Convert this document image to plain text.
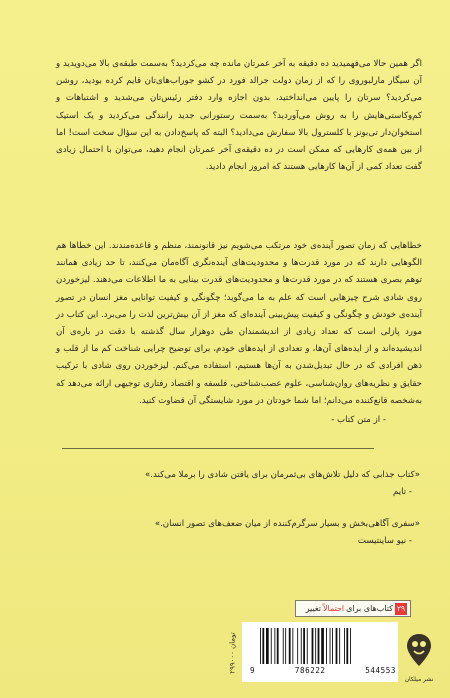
اگر همین حالا می‌فهمیدید ده دقیقه به آخر عمرتان مانده چه می‌کردید؟ به‌سمت طبقه‌ی بالا می‌دویدید و آن سیگار مارلبوروی را که از زمان دولت جرالد فورد در کشو جوراب‌های‌تان قایم کرده بودید، روشن می‌کردید؟ سرتان را پایین می‌انداختید، بدون اجازه وارد دفتر رئیس‌تان می‌شدید و اشتباهات و کم‌وکاستی‌هایش را به‌ روش می‌آوردید؟ به‌سمت رستورانی جدید رانندگی می‌کردید و یک استیک استخوان‌دار تی‌بونز با کلسترول بالا سفارش می‌دادید؟ البته که پاسخ‌دادن به این سؤال سخت است! اما از بین همه‌ی کارهایی که ممکن است در ده دقیقه‌ی آخر عمرتان انجام دهید، می‌توان با احتمال زیادی گفت تعداد کمی از آن‌ها کارهایی هستند که امروز انجام دادید.

خطاهایی که زمان تصور آینده‌ی خود مرتکب می‌شویم نیز قانونمند، منظم و قاعده‌مندند. این خطاها هم الگوهایی دارند که در مورد قدرت‌ها و محدودیت‌های آینده‌نگری آگاه‌مان می‌کنند، تا حد زیادی همانند توهم بصری هستند که در مورد قدرت‌ها و محدودیت‌های قدرت بینایی به ما اطلاعات می‌دهند. لیزخوردن روی شادی شرح چیزهایی است که علم به ما می‌گوید؛ چگونگی و کیفیت توانایی مغز انسان در تصور آینده‌ی خودش و چگونگی و کیفیت پیش‌بینی آینده‌ای که مغز از آن بیش‌ترین لذت را می‌برد. این کتاب در مورد پازلی است که تعداد زیادی از اندیشمندان طی دوهزار سال گذشته با دقت در باره‌ی آن اندیشیده‌اند و از ایده‌های آن‌ها، و تعدادی از ایده‌های خودم، برای توضیح چرایی شناخت کم ما از قلب و ذهن افرادی که در حال تبدیل‌شدن به آن‌ها هستیم، استفاده می‌کنم. لیزخوردن روی شادی با ترکیب حقایق و نظریه‌های روان‌شناسی، علوم عصب‌شناختی، فلسفه و اقتصاد رفتاری توجیهی ارائه می‌دهد که به‌شخصه قانع‌کننده می‌دانم؛ اما شما خودتان در مورد شایستگی آن قضاوت کنید.

- از متن کتاب -
«کتاب جذابی که دلیل تلاش‌های بی‌ثمرمان برای یافتن شادی را برملا می‌کند.»
- تایم
«سفری آگاهی‌بخش و بسیار سرگرم‌کننده از میان ضعف‌های تصور انسان.»
- نیو ساینتیست
۲۹
کتاب‌های برای
احتمالاً
تغییر
۲۹۹۰۰۰ تومان
9	786222	544553
نشر میلکان
